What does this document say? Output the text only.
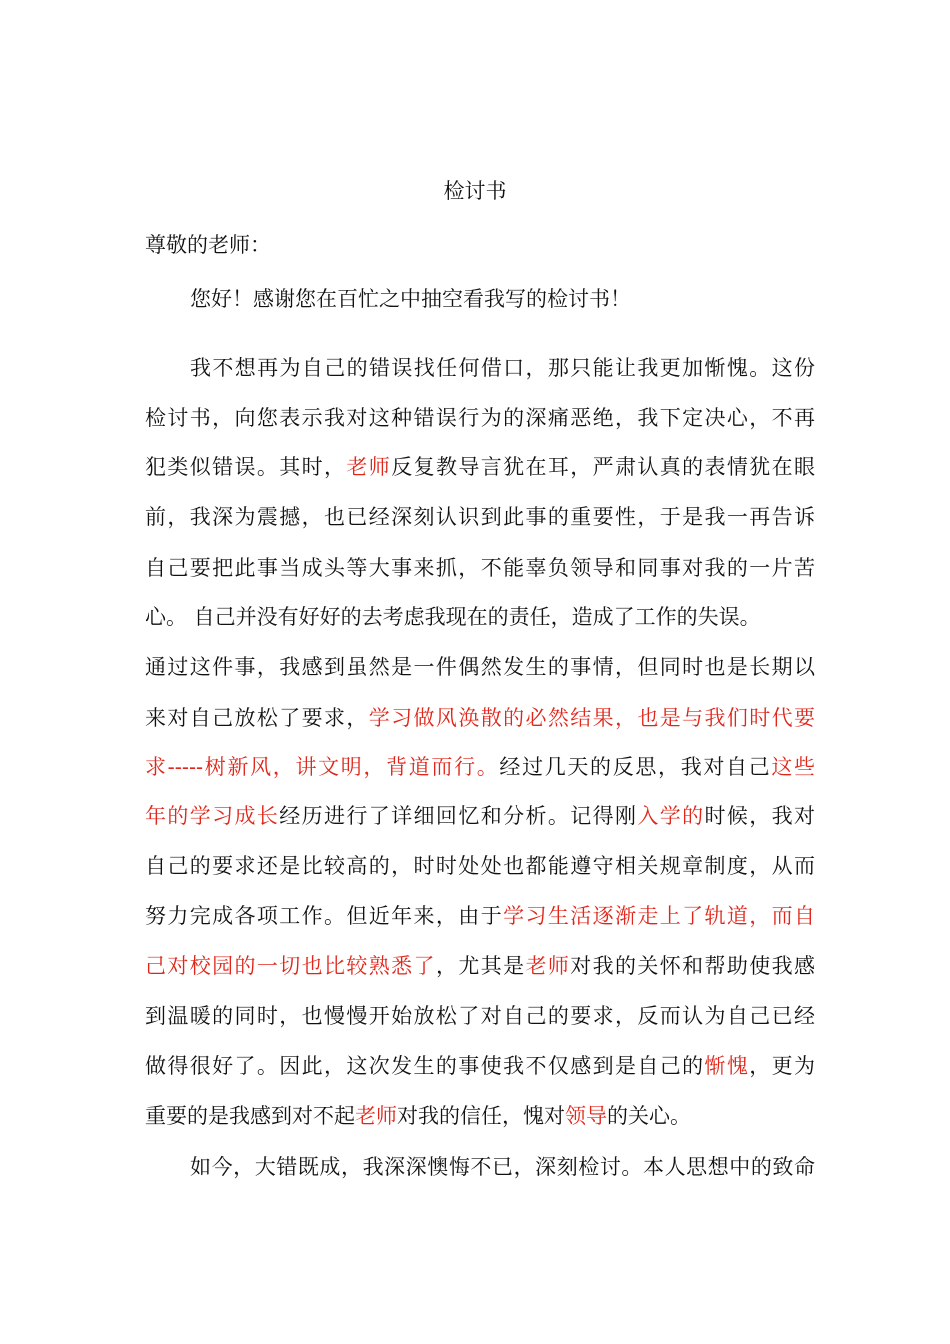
检讨书
尊敬的老师：
您好！感谢您在百忙之中抽空看我写的检讨书！
我不想再为自己的错误找任何借口，那只能让我更加惭愧。这份
检讨书，向您表示我对这种错误行为的深痛恶绝，我下定决心，不再
犯类似错误。其时，老师反复教导言犹在耳，严肃认真的表情犹在眼
前，我深为震撼，也已经深刻认识到此事的重要性，于是我一再告诉
自己要把此事当成头等大事来抓，不能辜负领导和同事对我的一片苦
心。 自己并没有好好的去考虑我现在的责任，造成了工作的失误。
通过这件事，我感到虽然是一件偶然发生的事情，但同时也是长期以
来对自己放松了要求，学习做风涣散的必然结果，也是与我们时代要
求-----树新风，讲文明，背道而行。经过几天的反思，我对自己这些
年的学习成长经历进行了详细回忆和分析。记得刚入学的时候，我对
自己的要求还是比较高的，时时处处也都能遵守相关规章制度，从而
努力完成各项工作。但近年来，由于学习生活逐渐走上了轨道，而自
己对校园的一切也比较熟悉了，尤其是老师对我的关怀和帮助使我感
到温暖的同时，也慢慢开始放松了对自己的要求，反而认为自己已经
做得很好了。因此，这次发生的事使我不仅感到是自己的惭愧，更为
重要的是我感到对不起老师对我的信任，愧对领导的关心。
如今，大错既成，我深深懊悔不已，深刻检讨。本人思想中的致命
